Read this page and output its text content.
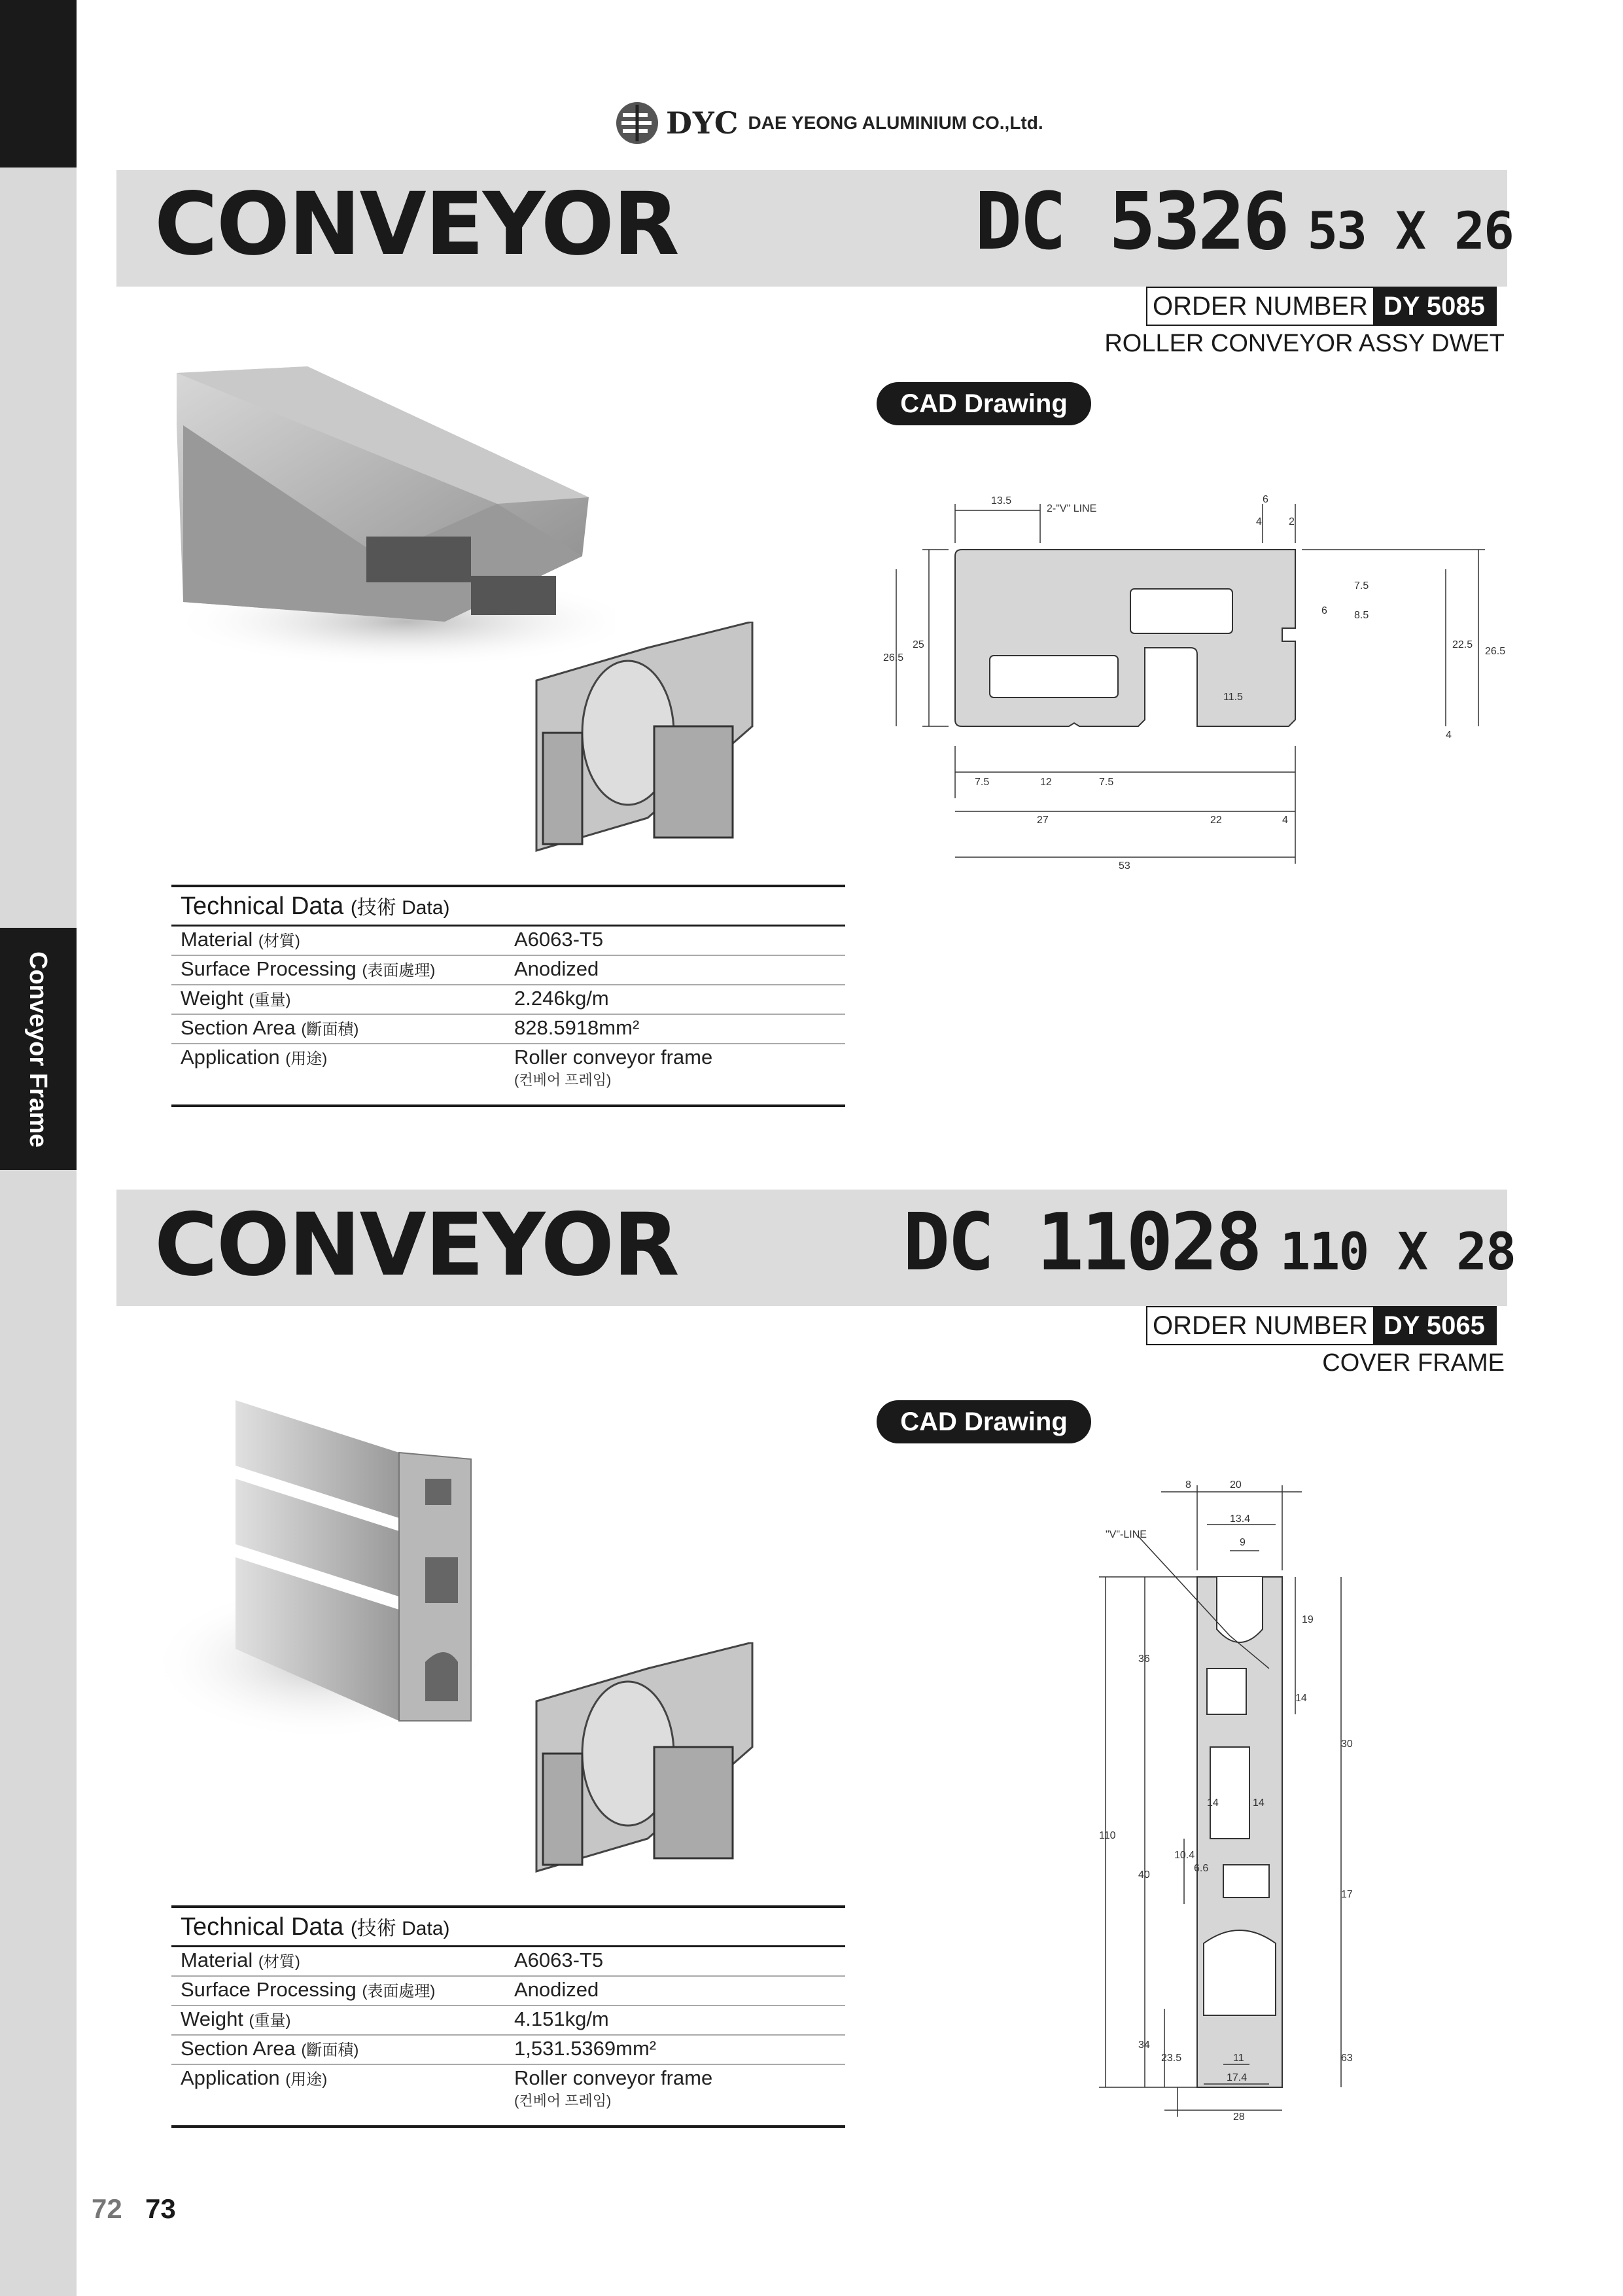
Conveyor Frame
DYC DAE YEONG ALUMINIUM CO.,Ltd.
CONVEYOR	DC 5326 53 X 26
ORDER NUMBER DY 5085
ROLLER CONVEYOR ASSY DWET
CAD Drawing
13.5
2-"V" LINE
6
4	2
7.5
6	8.5
22.5
26.5
26.5
25
11.5
4
7.5	12	7.5
27	22	4
53
Technical Data (技術 Data)
Material (材質)	A6063-T5
Surface Processing (表面處理)	Anodized
Weight (重量)	2.246kg/m
Section Area (斷面積)	828.5918mm²
Application (用途)	Roller conveyor frame
(컨베어 프레임)
CONVEYOR	DC 11028 110 X 28
ORDER NUMBER DY 5065
COVER FRAME
CAD Drawing
8	20
13.4
9
"V"-LINE
36
19
30
14
17
110
40
14	14
10.4
6.6
63
34
23.5	11
17.4
28
Technical Data (技術 Data)
Material (材質)	A6063-T5
Surface Processing (表面處理)	Anodized
Weight (重量)	4.151kg/m
Section Area (斷面積)	1,531.5369mm²
Application (用途)	Roller conveyor frame
(컨베어 프레임)
72 73
